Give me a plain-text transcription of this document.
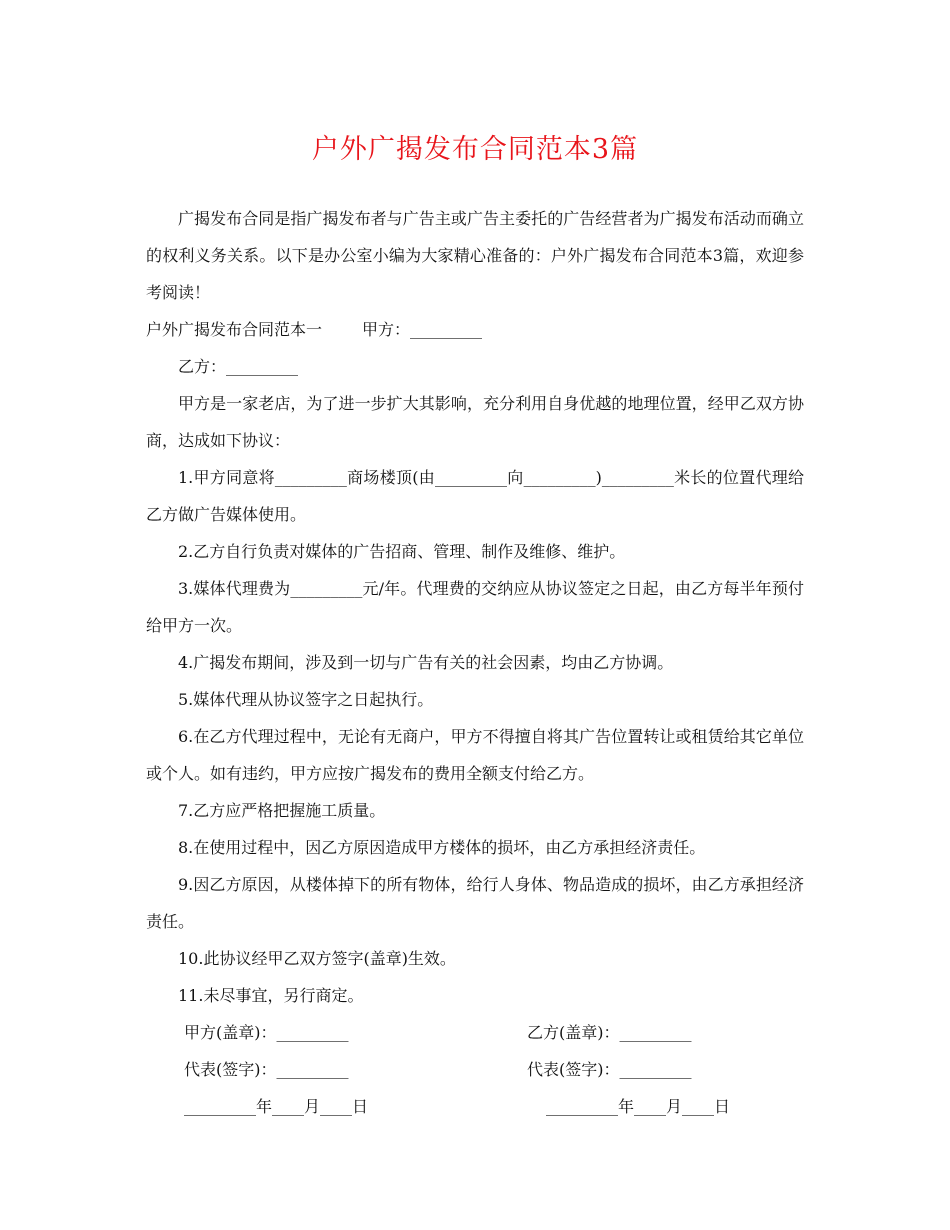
户外广揭发布合同范本3篇

广揭发布合同是指广揭发布者与广告主或广告主委托的广告经营者为广揭发布活动而确立的权利义务关系。以下是办公室小编为大家精心准备的：户外广揭发布合同范本3篇，欢迎参考阅读！

户外广揭发布合同范本一	甲方：_________

乙方：_________

甲方是一家老店，为了进一步扩大其影响，充分利用自身优越的地理位置，经甲乙双方协商，达成如下协议：

1.甲方同意将_________商场楼顶(由_________向_________)_________米长的位置代理给乙方做广告媒体使用。

2.乙方自行负责对媒体的广告招商、管理、制作及维修、维护。

3.媒体代理费为_________元/年。代理费的交纳应从协议签定之日起，由乙方每半年预付给甲方一次。

4.广揭发布期间，涉及到一切与广告有关的社会因素，均由乙方协调。

5.媒体代理从协议签字之日起执行。

6.在乙方代理过程中，无论有无商户，甲方不得擅自将其广告位置转让或租赁给其它单位或个人。如有违约，甲方应按广揭发布的费用全额支付给乙方。

7.乙方应严格把握施工质量。

8.在使用过程中，因乙方原因造成甲方楼体的损坏，由乙方承担经济责任。

9.因乙方原因，从楼体掉下的所有物体，给行人身体、物品造成的损坏，由乙方承担经济责任。

10.此协议经甲乙双方签字(盖章)生效。

11.未尽事宜，另行商定。

甲方(盖章)：_________	乙方(盖章)：_________
代表(签字)：_________	代表(签字)：_________
_________年____月____日	_________年____月____日
